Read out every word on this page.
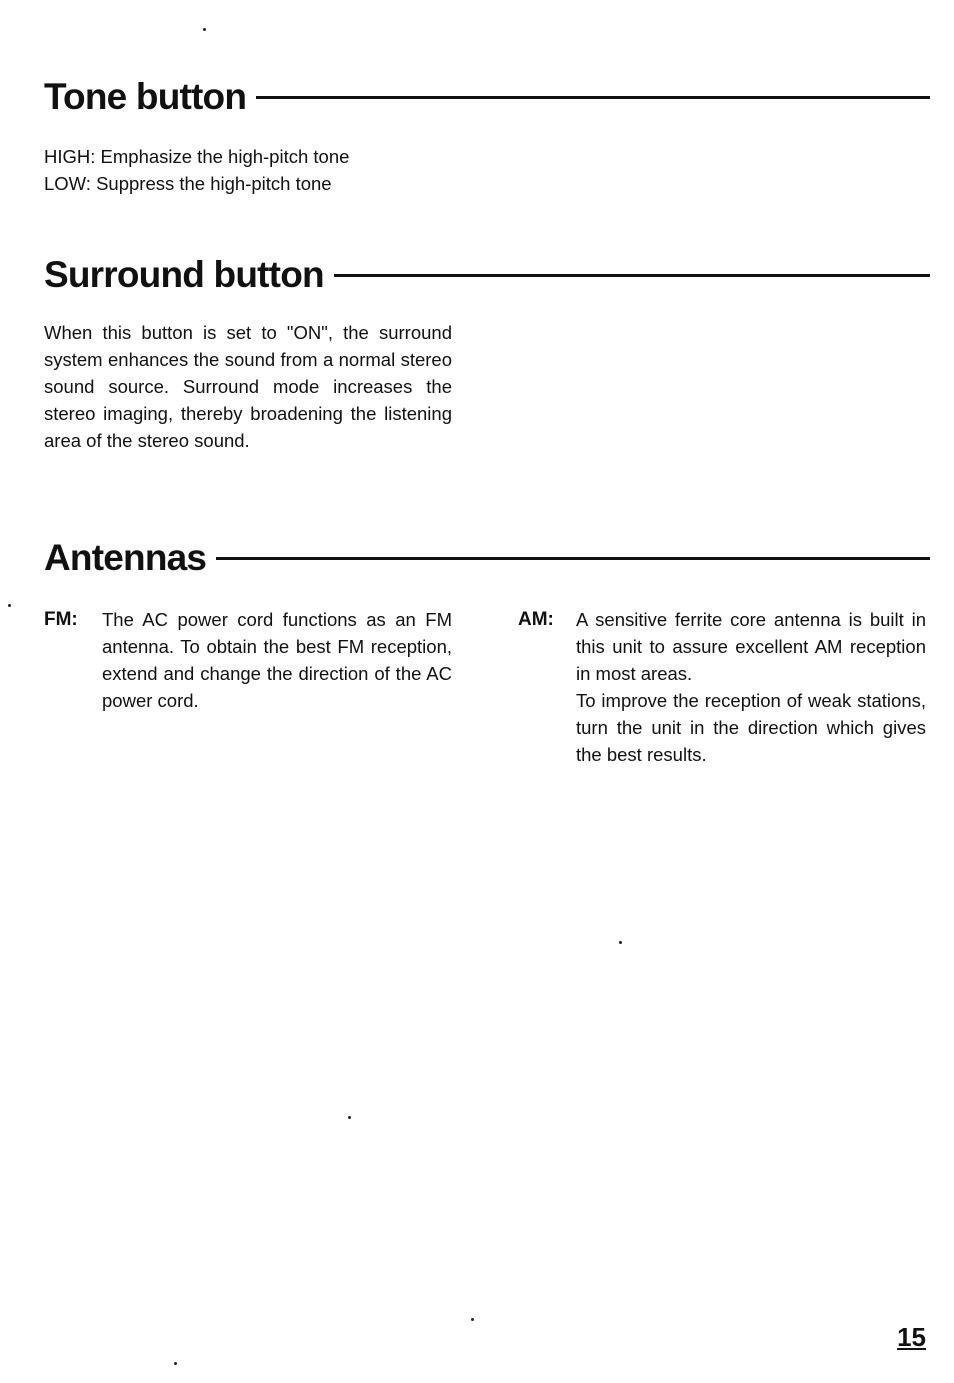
Tone button
HIGH: Emphasize the high-pitch tone
LOW: Suppress the high-pitch tone
Surround button
When this button is set to "ON", the surround system enhances the sound from a normal stereo sound source. Surround mode increases the stereo imaging, thereby broadening the listening area of the stereo sound.
Antennas
FM:	The AC power cord functions as an FM antenna. To obtain the best FM reception, extend and change the direction of the AC power cord.

AM:	A sensitive ferrite core antenna is built in this unit to assure excellent AM reception in most areas.

To improve the reception of weak stations, turn the unit in the direction which gives the best results.

15
